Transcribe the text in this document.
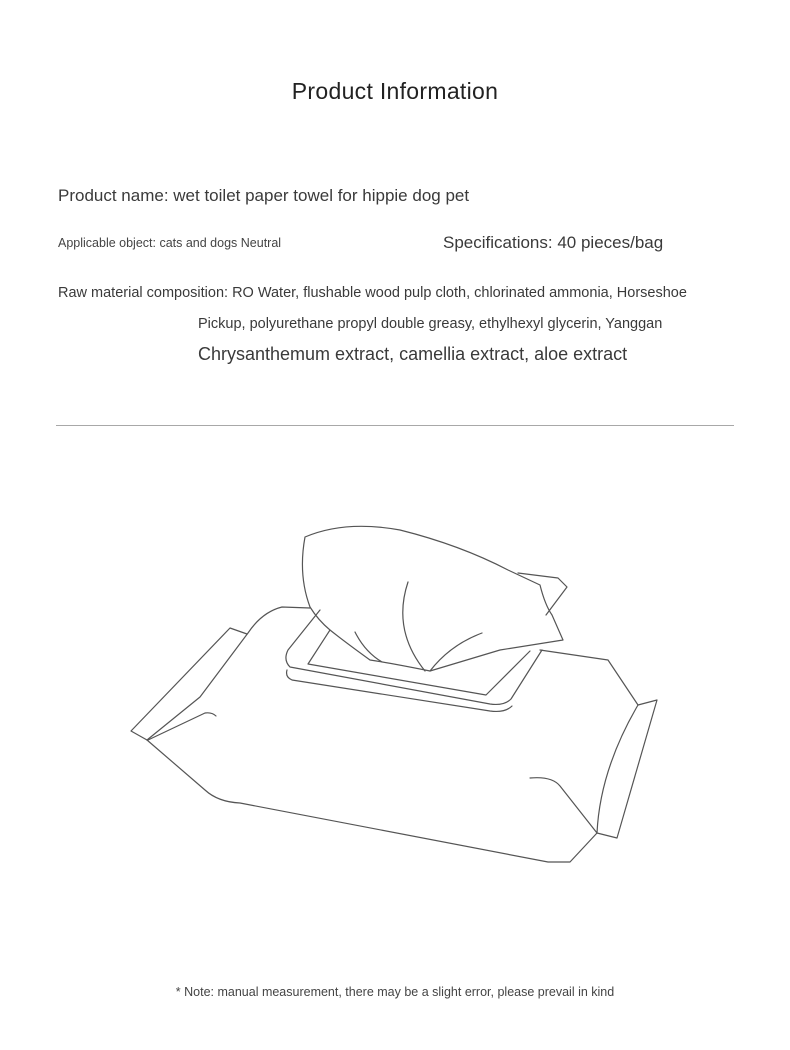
Product Information
Product name: wet toilet paper towel for hippie dog pet
Applicable object: cats and dogs Neutral	Specifications: 40 pieces/bag
Raw material composition: RO Water, flushable wood pulp cloth, chlorinated ammonia, Horseshoe
Pickup, polyurethane propyl double greasy, ethylhexyl glycerin, Yanggan
Chrysanthemum extract, camellia extract, aloe extract
* Note: manual measurement, there may be a slight error, please prevail in kind
